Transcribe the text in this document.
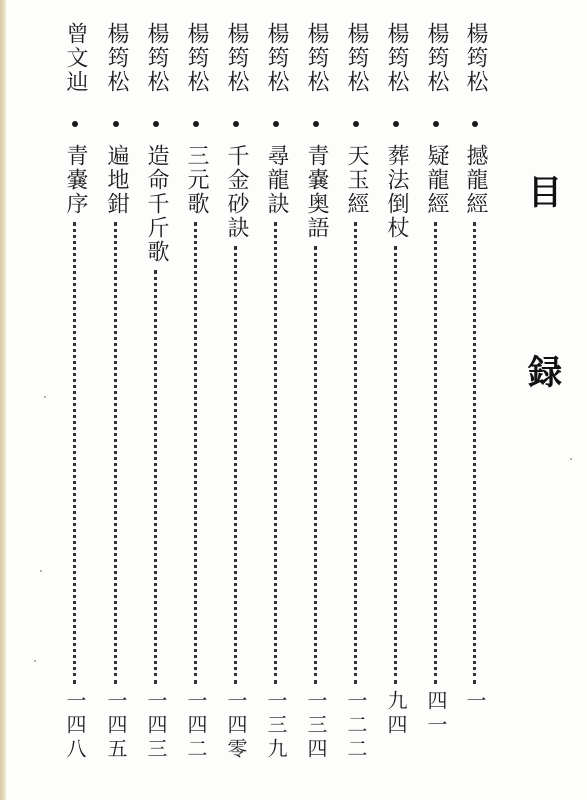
目
録
楊筠松
撼龍經
一
楊筠松
疑龍經
四一
楊筠松
葬法倒杖
九四
楊筠松
天玉經
一二二
楊筠松
青嚢奥語
一三四
楊筠松
尋龍訣
一三九
楊筠松
千金砂訣
一四零
楊筠松
三元歌
一四二
楊筠松
造命千斤歌
一四三
楊筠松
遍地鉗
一四五
曾文辿
青嚢序
一四八
